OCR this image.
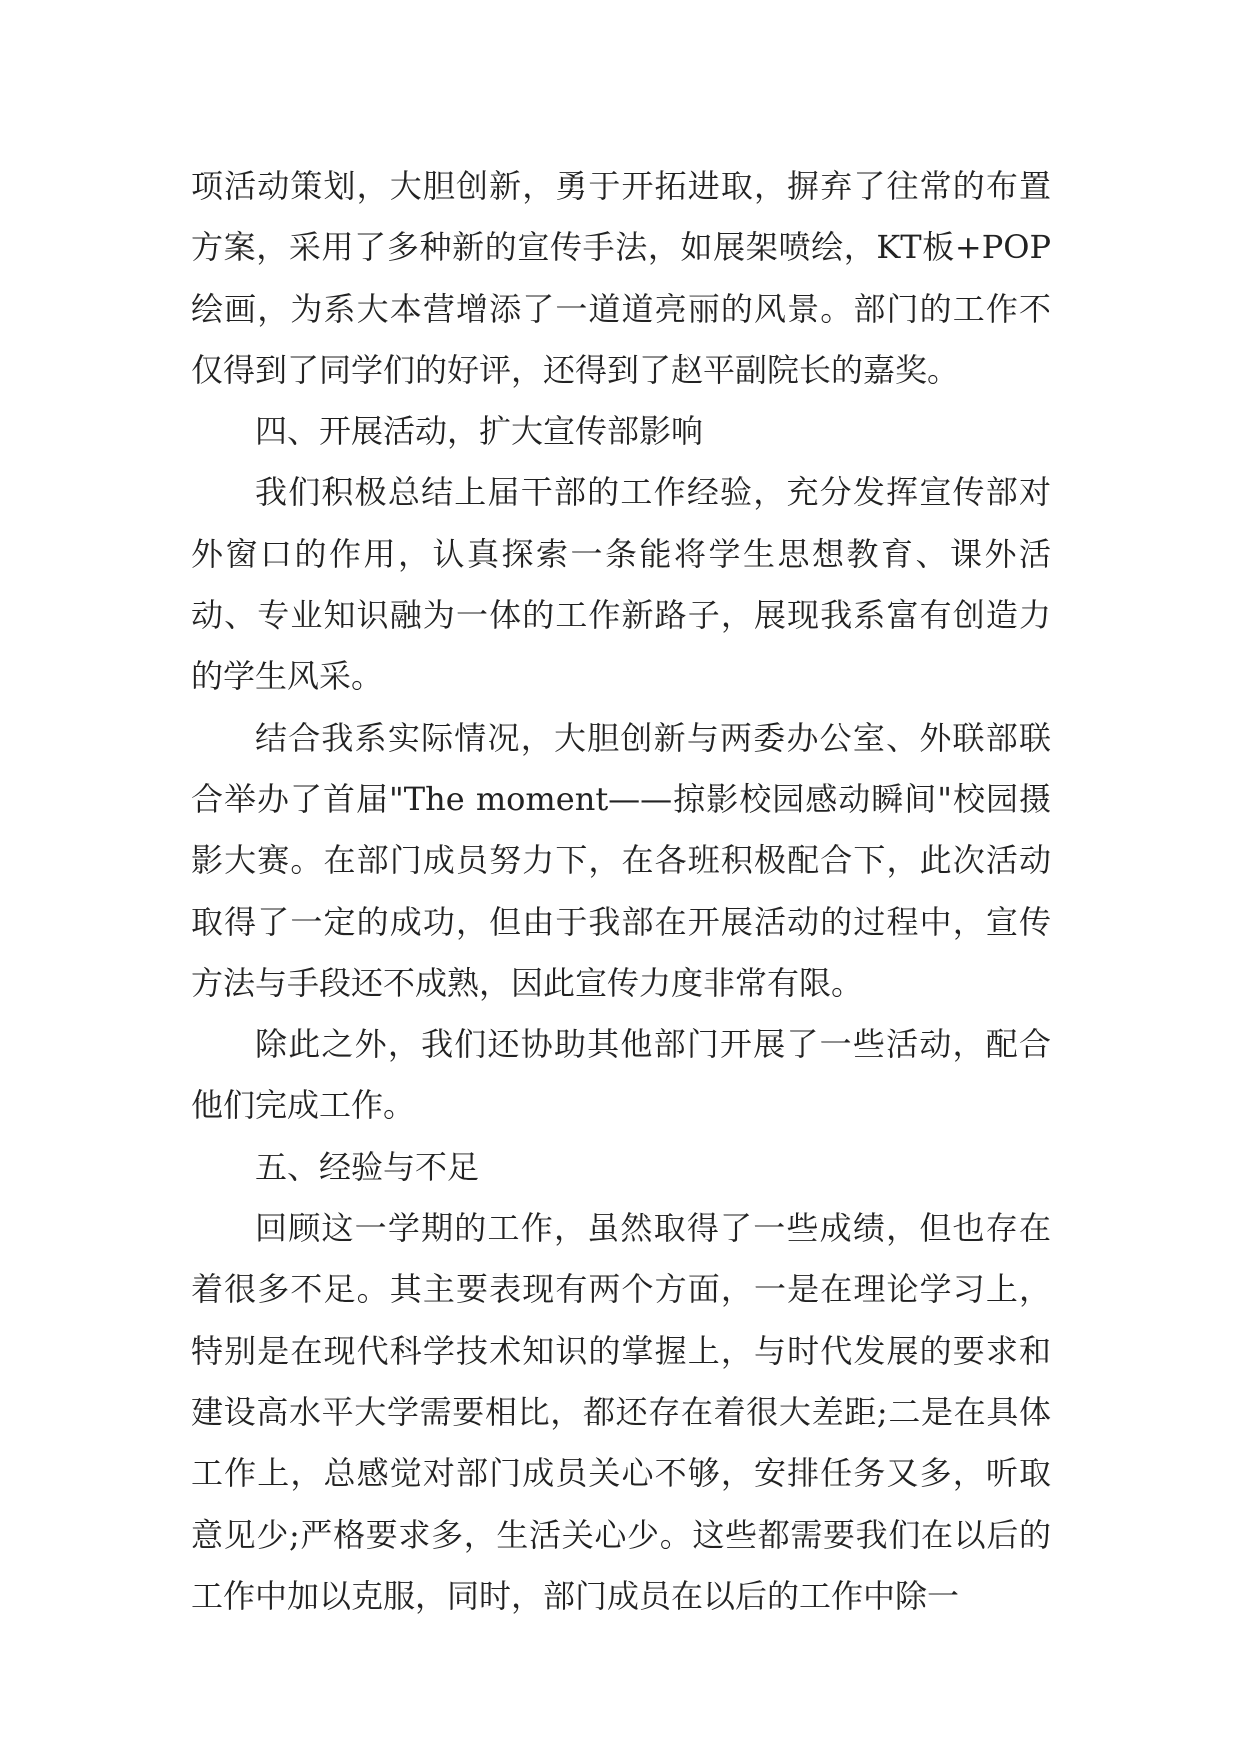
项活动策划，大胆创新，勇于开拓进取，摒弃了往常的布置方案，采用了多种新的宣传手法，如展架喷绘，KT板+POP绘画，为系大本营增添了一道道亮丽的风景。部门的工作不仅得到了同学们的好评，还得到了赵平副院长的嘉奖。

四、开展活动，扩大宣传部影响

我们积极总结上届干部的工作经验，充分发挥宣传部对外窗口的作用，认真探索一条能将学生思想教育、课外活动、专业知识融为一体的工作新路子，展现我系富有创造力的学生风采。

结合我系实际情况，大胆创新与两委办公室、外联部联合举办了首届"The moment——掠影校园感动瞬间"校园摄影大赛。在部门成员努力下，在各班积极配合下，此次活动取得了一定的成功，但由于我部在开展活动的过程中，宣传方法与手段还不成熟，因此宣传力度非常有限。

除此之外，我们还协助其他部门开展了一些活动，配合他们完成工作。

五、经验与不足

回顾这一学期的工作，虽然取得了一些成绩，但也存在着很多不足。其主要表现有两个方面，一是在理论学习上，特别是在现代科学技术知识的掌握上，与时代发展的要求和建设高水平大学需要相比，都还存在着很大差距;二是在具体工作上，总感觉对部门成员关心不够，安排任务又多，听取意见少;严格要求多，生活关心少。这些都需要我们在以后的工作中加以克服，同时，部门成员在以后的工作中除一
